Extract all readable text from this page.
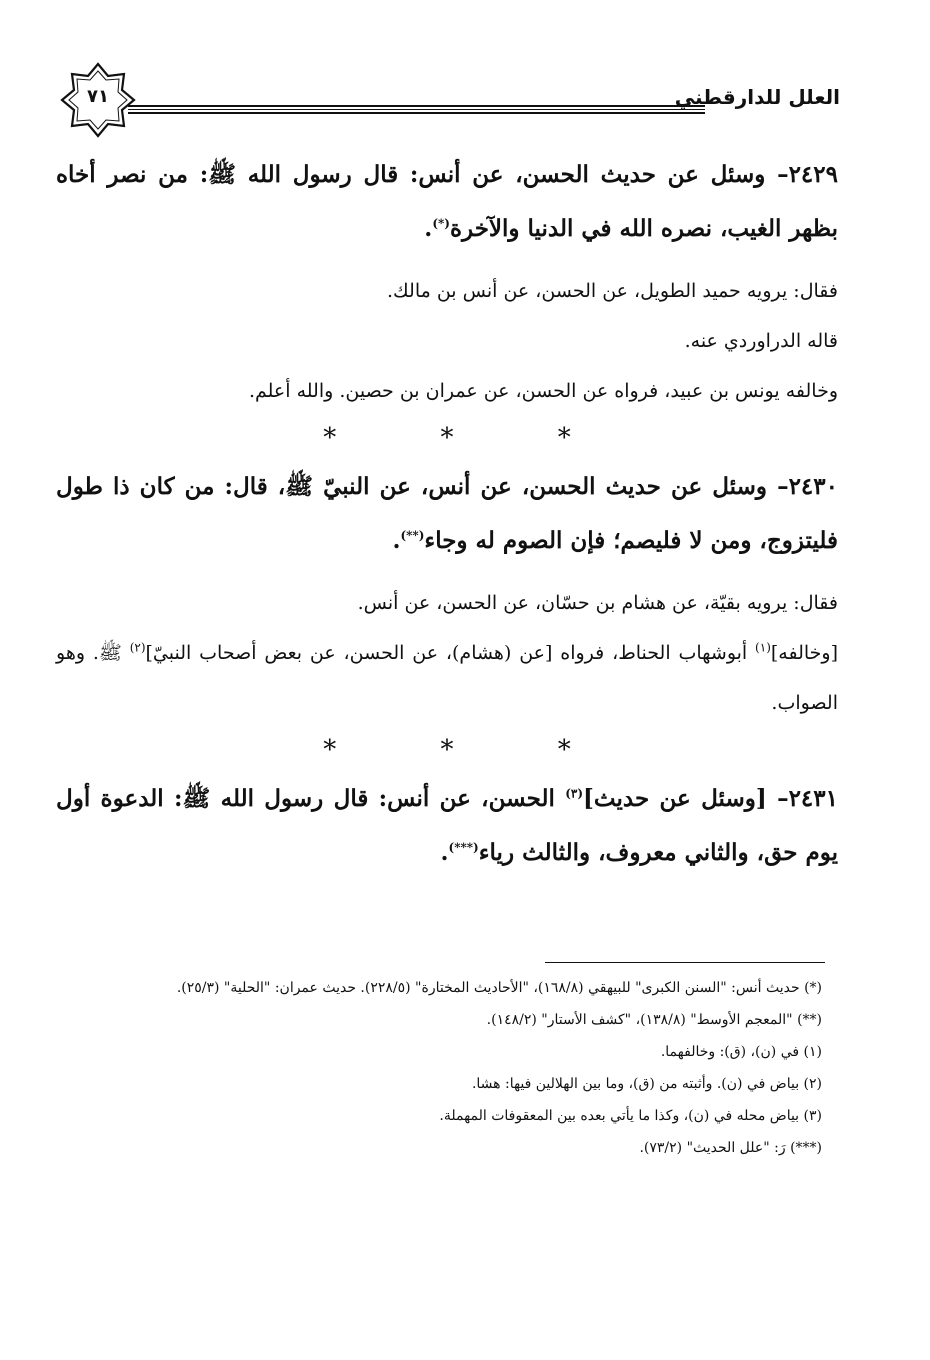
العلل للدارقطني
٧١
٢٤٢٩– وسئل عن حديث الحسن، عن أنس: قال رسول الله ﷺ: من نصر أخاه بظهر الغيب، نصره الله في الدنيا والآخرة(*).
فقال: يرويه حميد الطويل، عن الحسن، عن أنس بن مالك.
قاله الدراوردي عنه.
وخالفه يونس بن عبيد، فرواه عن الحسن، عن عمران بن حصين. والله أعلم.
* * *
٢٤٣٠– وسئل عن حديث الحسن، عن أنس، عن النبيّ ﷺ، قال: من كان ذا طول فليتزوج، ومن لا فليصم؛ فإن الصوم له وجاء(**).
فقال: يرويه بقيّة، عن هشام بن حسّان، عن الحسن، عن أنس.
[وخالفه]$^{(١)}$ أبوشهاب الحناط، فرواه [عن (هشام)، عن الحسن، عن بعض أصحاب النبيّ]$^{(٢)}$ ﷺ. وهو الصواب.
* * *
٢٤٣١– [وسئل عن حديث]$^{(٣)}$ الحسن، عن أنس: قال رسول الله ﷺ: الدعوة أول يوم حق، والثاني معروف، والثالث رياء(***).
(*) حديث أنس: "السنن الكبرى" للبيهقي (١٦٨/٨)، "الأحاديث المختارة" (٢٢٨/٥). حديث عمران: "الحلية" (٢٥/٣).
(**) "المعجم الأوسط" (١٣٨/٨)، "كشف الأستار" (١٤٨/٢).
(١) في (ن)، (ق): وخالفهما.
(٢) بياض في (ن). وأثبته من (ق)، وما بين الهلالين فيها: هشا.
(٣) بياض محله في (ن)، وكذا ما يأتي بعده بين المعقوفات المهملة.
(***) رَ: "علل الحديث" (٧٣/٢).
